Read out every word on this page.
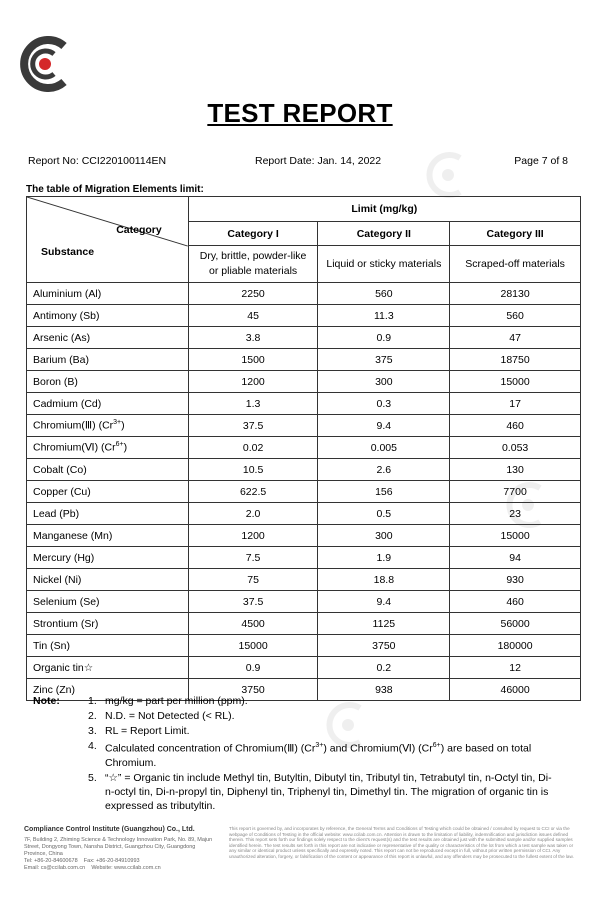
TEST REPORT
Report No: CCI220100114EN	Report Date: Jan. 14, 2022	Page 7 of 8
The table of Migration Elements limit:
Category
Substance	Limit (mg/kg)		
	Category I	Category II	Category III
	Dry, brittle, powder-like or pliable materials	Liquid or sticky materials	Scraped-off materials
Aluminium (Al)	2250	560	28130
Antimony (Sb)	45	11.3	560
Arsenic (As)	3.8	0.9	47
Barium (Ba)	1500	375	18750
Boron (B)	1200	300	15000
Cadmium (Cd)	1.3	0.3	17
Chromium(Ⅲ) $(Cr^{3+})$	37.5	9.4	460
Chromium(Ⅵ) $(Cr^{6+})$	0.02	0.005	0.053
Cobalt (Co)	10.5	2.6	130
Copper (Cu)	622.5	156	7700
Lead (Pb)	2.0	0.5	23
Manganese (Mn)	1200	300	15000
Mercury (Hg)	7.5	1.9	94
Nickel (Ni)	75	18.8	930
Selenium (Se)	37.5	9.4	460
Strontium (Sr)	4500	1125	56000
Tin (Sn)	15000	3750	180000
Organic tin☆	0.9	0.2	12
Zinc (Zn)	3750	938	46000
Note:	1. mg/kg = part per million (ppm).
2. N.D. = Not Detected (< RL).
3. RL = Report Limit.
4. Calculated concentration of Chromium(Ⅲ) $(Cr^{3+})$ and Chromium(Ⅵ) $(Cr^{6+})$ are based on total Chromium.
5. “☆” = Organic tin include Methyl tin, Butyltin, Dibutyl tin, Tributyl tin, Tetrabutyl tin, n-Octyl tin, Di-n-octyl tin, Di-n-propyl tin, Diphenyl tin, Triphenyl tin, Dimethyl tin. The migration of organic tin is expressed as tributyltin.
Compliance Control Institute (Guangzhou) Co., Ltd.
7F, Building 2, Zhiming Science & Technology Innovation Park, No. 89, Majun Street, Dongyong Town, Nansha District, Guangzhou City, Guangdong Province, China
Tel: +86-20-84600678 Fax: +86-20-84910993
Email: cs@ccilab.com.cn Website: www.ccilab.com.cn
This report is governed by, and incorporates by reference, the General Terms and Conditions of Testing which could be obtained / consulted by request to CCI or via the webpage of Conditions of Testing in the official website: www.ccilab.com.cn. Attention is drawn to the limitation of liability, indemnification and jurisdiction issues defined therein. This report sets forth our findings solely respect to the client's request(s) and the test results are obtained just with the submitted sample and/or supplied samples identified herein. The test results set forth in this report are not indicative or representative of the quality or characteristics of the lot from which a test sample was taken or any similar or identical product unless specifically and expressly noted. This report can not be reproduced except in full, without prior written permission of CCI. Any unauthorized alteration, forgery, or falsification of the content or appearance of this report is unlawful, and any offenders may be prosecuted to the fullest extent of the law.
